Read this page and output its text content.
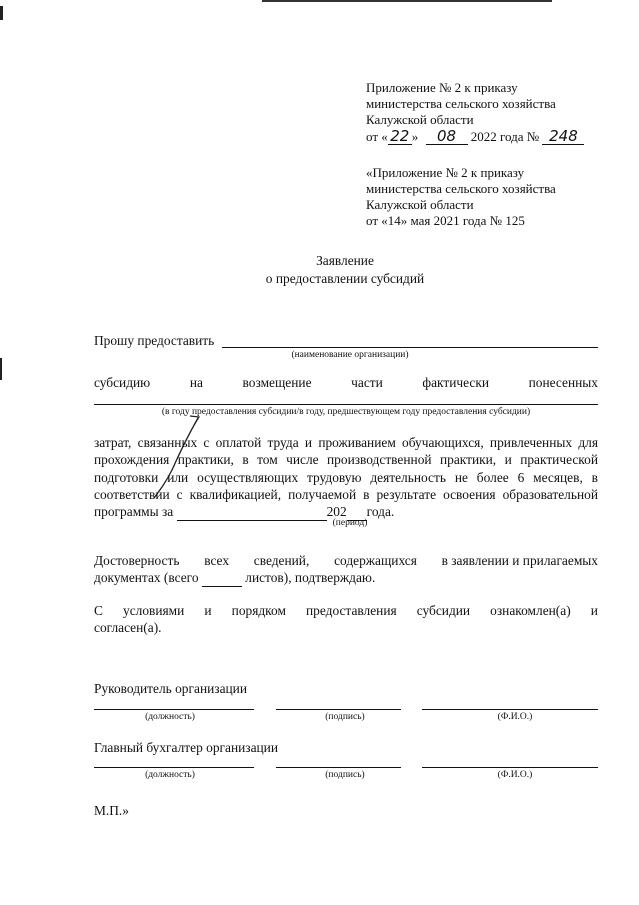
Приложение № 2 к приказу
министерства сельского хозяйства
Калужской области
от « 22 » 08 2022 года № 248
«Приложение № 2 к приказу
министерства сельского хозяйства
Калужской области
от «14» мая 2021 года № 125
Заявление
о предоставлении субсидий
Прошу предоставить
(наименование организации)
субсидию	на	возмещение	части	фактически	понесенных
(в году предоставления субсидии/в году, предшествующем году предоставления субсидии)
затрат, связанных с оплатой труда и проживанием обучающихся, привлеченных для прохождения практики, в том числе производственной практики, и практической подготовки или осуществляющих трудовую деятельность не более 6 месяцев, в соответствии с квалификацией, получаемой в результате освоения образовательной программы за	202 года.
(период)
Достоверность всех сведений, содержащихся в заявлении и прилагаемых
документах (всего	листов), подтверждаю.
С условиями и порядком предоставления субсидии ознакомлен(а) и
согласен(а).
Руководитель организации
(должность)	(подпись)	(Ф.И.О.)
Главный бухгалтер организации
(должность)	(подпись)	(Ф.И.О.)
М.П.»
